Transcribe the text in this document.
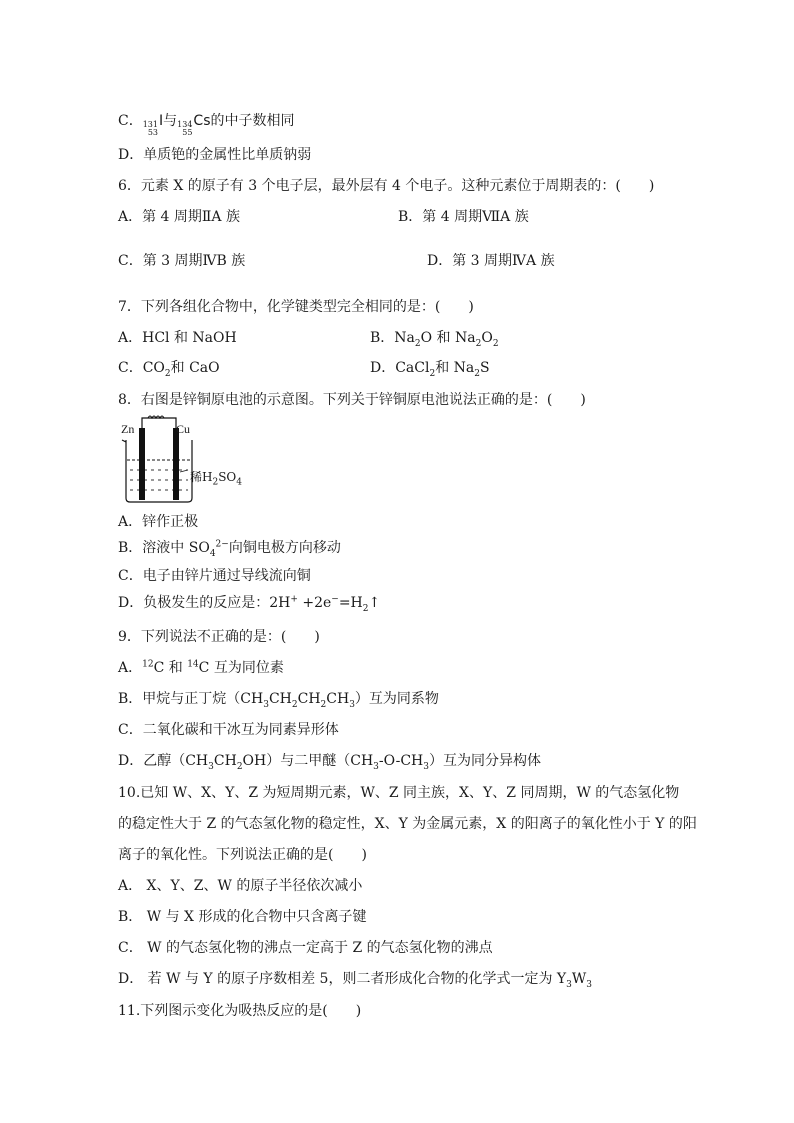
C． 131
53
I与 134
55
Cs的中子数相同
D．单质铯的金属性比单质钠弱
6．元素 X 的原子有 3 个电子层，最外层有 4 个电子。这种元素位于周期表的：(　　)
A．第 4 周期ⅡA 族	B．第 4 周期ⅦA 族
C．第 3 周期ⅣB 族	D．第 3 周期ⅣA 族
7．下列各组化合物中，化学键类型完全相同的是：(　　)
A．HCl 和 NaOH	B．$Na_2O$ 和 $Na_2O_2$
C．$CO_2$和 CaO	D．CaCl$_2$和 $Na_2S$
8．右图是锌铜原电池的示意图。下列关于锌铜原电池说法正确的是：(　　)
Zn	Cu
稀$H_2SO_4$
A．锌作正极
B．溶液中 $SO_4^{2-}$向铜电极方向移动
C．电子由锌片通过导线流向铜
D．负极发生的反应是：$2H^+ +2e^-=H_2↑$
9．下列说法不正确的是：(　　)
A．$^{12}$C 和 $^{14}$C 互为同位素
B．甲烷与正丁烷$(CH_3CH_2CH_2CH_3)$互为同系物
C．二氧化碳和干冰互为同素异形体
D．乙醇$(CH_3CH_2OH)$与二甲醚$(CH_3-O-CH_3)$互为同分异构体
10.已知 W、X、Y、Z 为短周期元素，W、Z 同主族，X、Y、Z 同周期，W 的气态氢化物
的稳定性大于 Z 的气态氢化物的稳定性，X、Y 为金属元素，X 的阳离子的氧化性小于 Y 的阳
离子的氧化性。下列说法正确的是(　　)
A． X、Y、Z、W 的原子半径依次减小
B． W 与 X 形成的化合物中只含离子键
C． W 的气态氢化物的沸点一定高于 Z 的气态氢化物的沸点
D． 若 W 与 Y 的原子序数相差 5，则二者形成化合物的化学式一定为 $Y_3W_3$
11.下列图示变化为吸热反应的是(　　)
